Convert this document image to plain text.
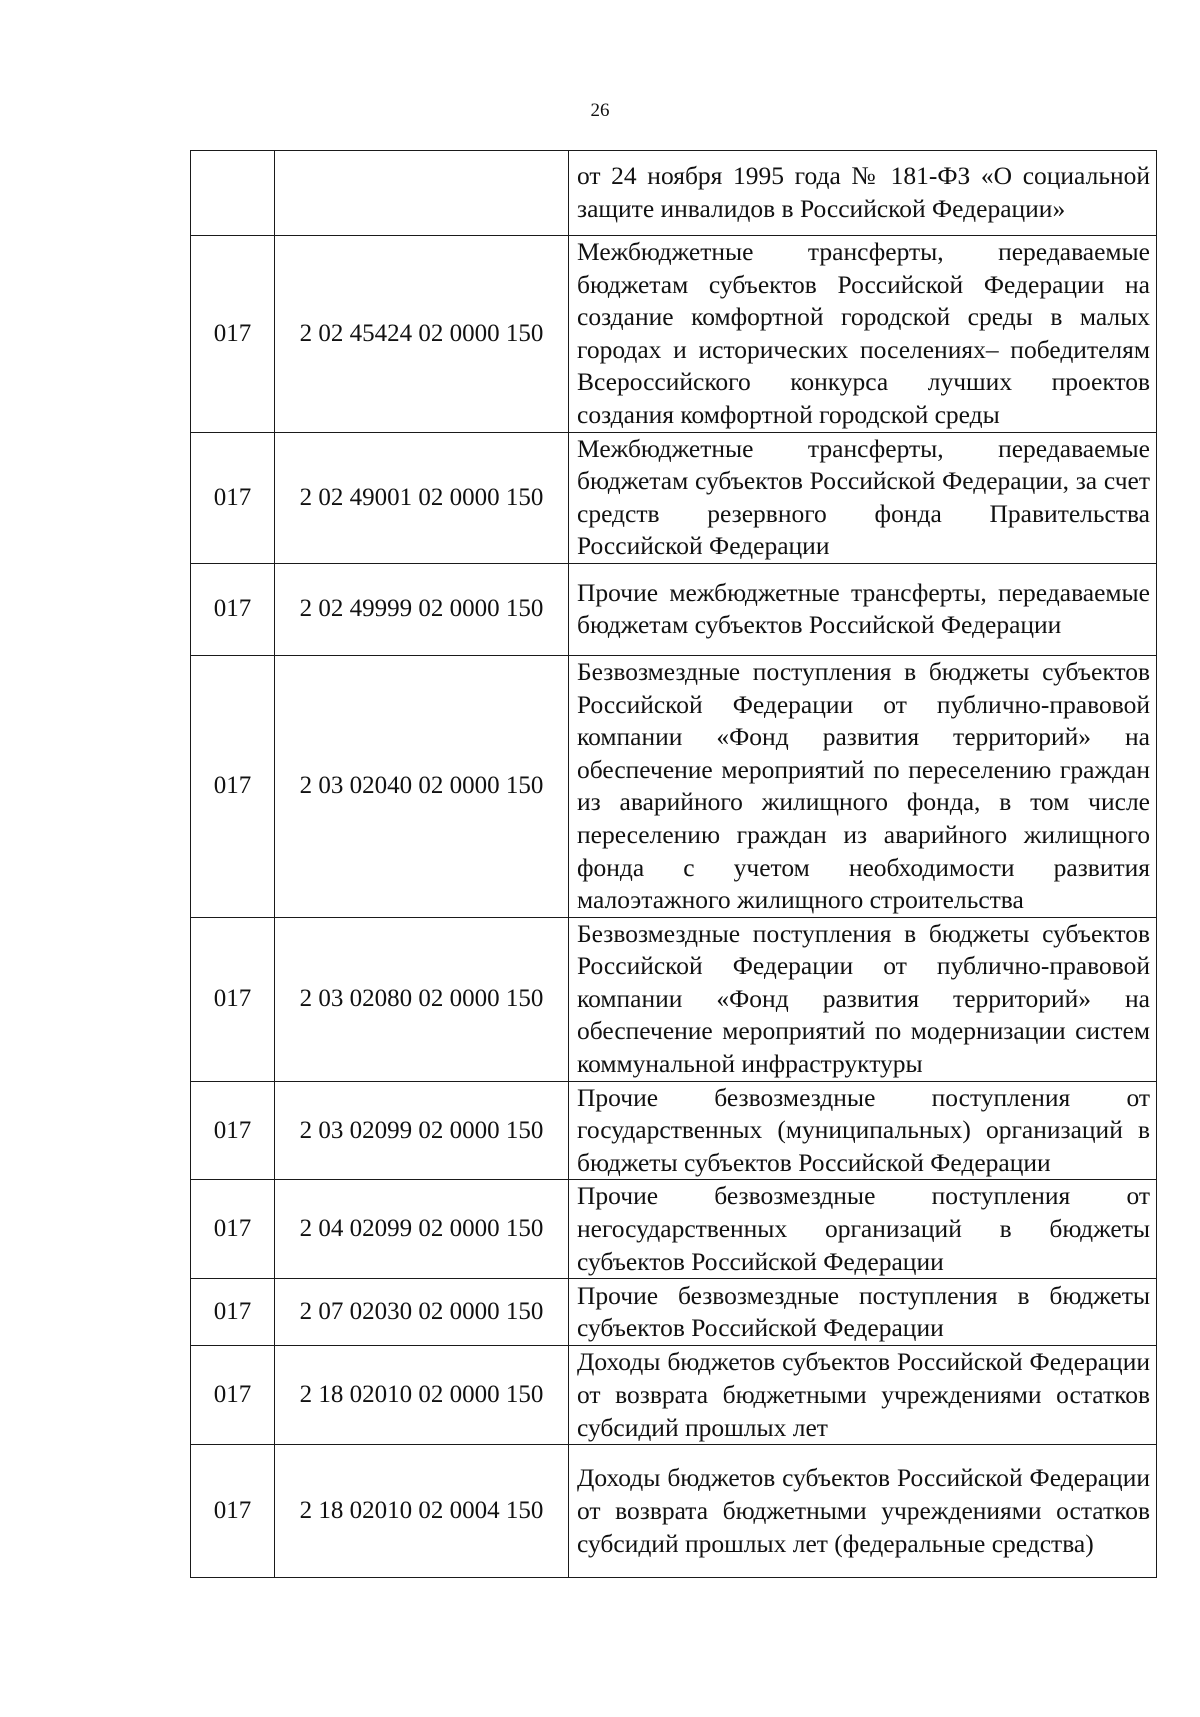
26
		от 24 ноября 1995 года № 181-ФЗ «О социальной защите инвалидов в Российской Федерации»
017	2 02 45424 02 0000 150	Межбюджетные трансферты, передаваемые бюджетам субъектов Российской Федерации на создание комфортной городской среды в малых городах и исторических поселениях– победителям Всероссийского конкурса лучших проектов создания комфортной городской среды
017	2 02 49001 02 0000 150	Межбюджетные трансферты, передаваемые бюджетам субъектов Российской Федерации, за счет средств резервного фонда Правительства Российской Федерации
017	2 02 49999 02 0000 150	Прочие межбюджетные трансферты, передаваемые бюджетам субъектов Российской Федерации
017	2 03 02040 02 0000 150	Безвозмездные поступления в бюджеты субъектов Российской Федерации от публично-правовой компании «Фонд развития территорий» на обеспечение мероприятий по переселению граждан из аварийного жилищного фонда, в том числе переселению граждан из аварийного жилищного фонда с учетом необходимости развития малоэтажного жилищного строительства
017	2 03 02080 02 0000 150	Безвозмездные поступления в бюджеты субъектов Российской Федерации от публично-правовой компании «Фонд развития территорий» на обеспечение мероприятий по модернизации систем коммунальной инфраструктуры
017	2 03 02099 02 0000 150	Прочие безвозмездные поступления от государственных (муниципальных) организаций в бюджеты субъектов Российской Федерации
017	2 04 02099 02 0000 150	Прочие безвозмездные поступления от негосударственных организаций в бюджеты субъектов Российской Федерации
017	2 07 02030 02 0000 150	Прочие безвозмездные поступления в бюджеты субъектов Российской Федерации
017	2 18 02010 02 0000 150	Доходы бюджетов субъектов Российской Федерации от возврата бюджетными учреждениями остатков субсидий прошлых лет
017	2 18 02010 02 0004 150	Доходы бюджетов субъектов Российской Федерации от возврата бюджетными учреждениями остатков субсидий прошлых лет (федеральные средства)
